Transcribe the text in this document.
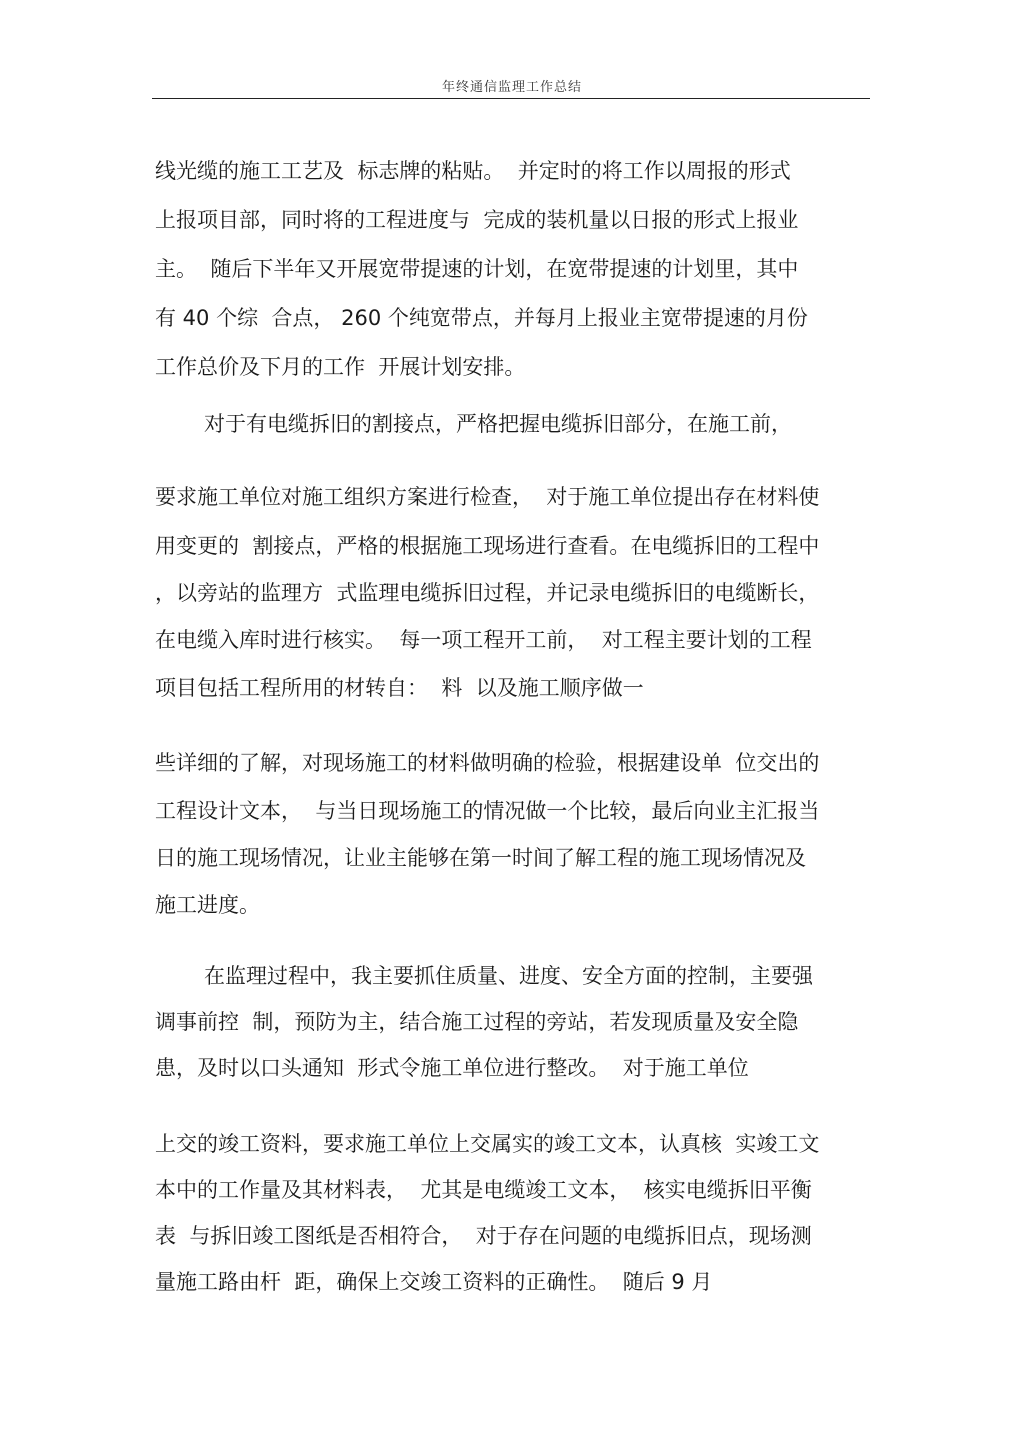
年终通信监理工作总结
线光缆的施工工艺及  标志牌的粘贴。  并定时的将工作以周报的形式
上报项目部，同时将的工程进度与  完成的装机量以日报的形式上报业
主。  随后下半年又开展宽带提速的计划，在宽带提速的计划里，其中
有 40 个综  合点， 260 个纯宽带点，并每月上报业主宽带提速的月份
工作总价及下月的工作  开展计划安排。
对于有电缆拆旧的割接点，严格把握电缆拆旧部分，在施工前，
要求施工单位对施工组织方案进行检查，  对于施工单位提出存在材料使
用变更的  割接点，严格的根据施工现场进行查看。在电缆拆旧的工程中
，以旁站的监理方  式监理电缆拆旧过程，并记录电缆拆旧的电缆断长，
在电缆入库时进行核实。  每一项工程开工前，  对工程主要计划的工程
项目包括工程所用的材转自：  料  以及施工顺序做一
些详细的了解，对现场施工的材料做明确的检验，根据建设单  位交出的
工程设计文本，  与当日现场施工的情况做一个比较，最后向业主汇报当
日的施工现场情况，让业主能够在第一时间了解工程的施工现场情况及
施工进度。
在监理过程中，我主要抓住质量、进度、安全方面的控制，主要强
调事前控  制，预防为主，结合施工过程的旁站，若发现质量及安全隐
患，及时以口头通知  形式令施工单位进行整改。  对于施工单位
上交的竣工资料，要求施工单位上交属实的竣工文本，认真核  实竣工文
本中的工作量及其材料表，  尤其是电缆竣工文本，  核实电缆拆旧平衡
表  与拆旧竣工图纸是否相符合，  对于存在问题的电缆拆旧点，现场测
量施工路由杆  距，确保上交竣工资料的正确性。  随后 9 月
